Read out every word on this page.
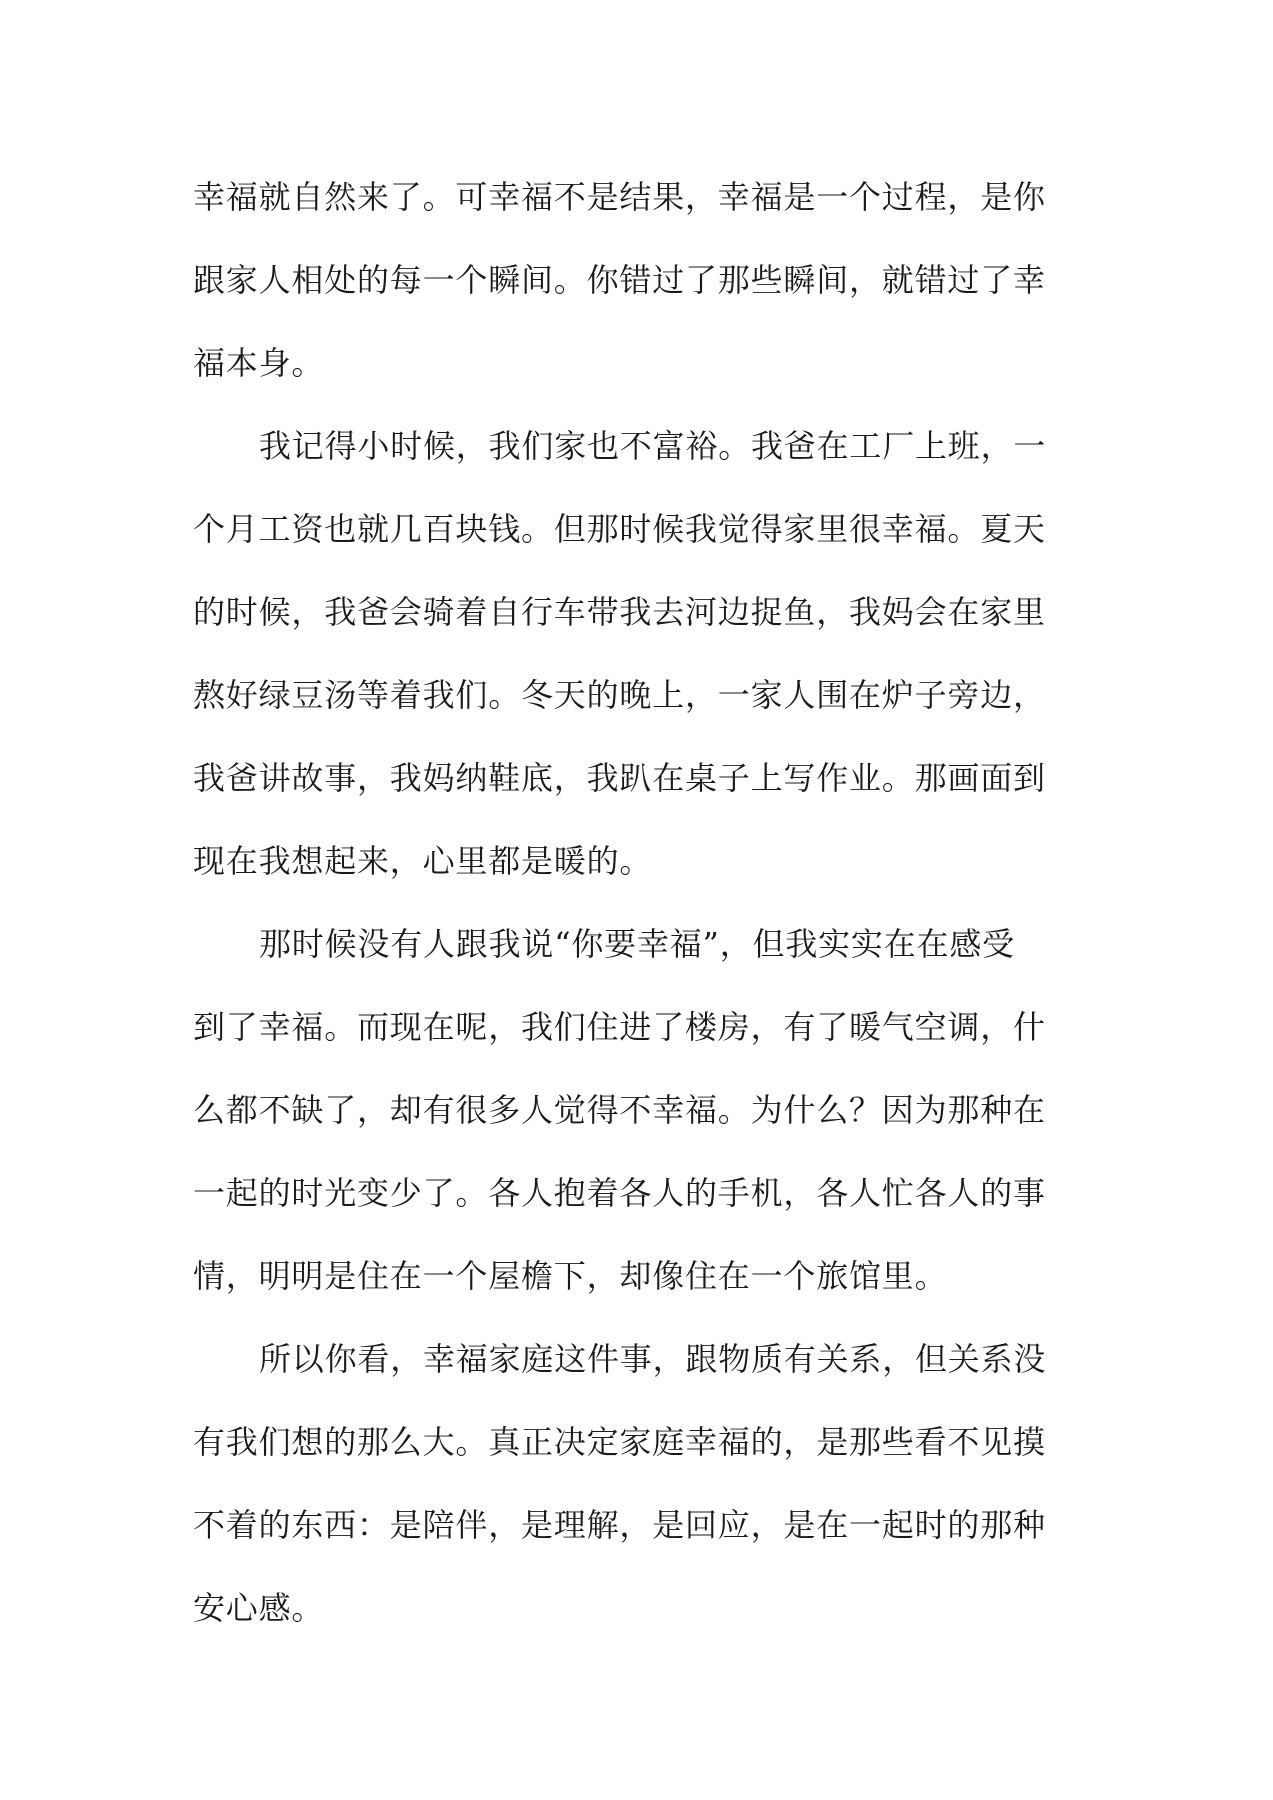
幸福就自然来了。可幸福不是结果，幸福是一个过程，是你
跟家人相处的每一个瞬间。你错过了那些瞬间，就错过了幸
福本身。
我记得小时候，我们家也不富裕。我爸在工厂上班，一
个月工资也就几百块钱。但那时候我觉得家里很幸福。夏天
的时候，我爸会骑着自行车带我去河边捉鱼，我妈会在家里
熬好绿豆汤等着我们。冬天的晚上，一家人围在炉子旁边，
我爸讲故事，我妈纳鞋底，我趴在桌子上写作业。那画面到
现在我想起来，心里都是暖的。
那时候没有人跟我说“你要幸福”，但我实实在在感受
到了幸福。而现在呢，我们住进了楼房，有了暖气空调，什
么都不缺了，却有很多人觉得不幸福。为什么？因为那种在
一起的时光变少了。各人抱着各人的手机，各人忙各人的事
情，明明是住在一个屋檐下，却像住在一个旅馆里。
所以你看，幸福家庭这件事，跟物质有关系，但关系没
有我们想的那么大。真正决定家庭幸福的，是那些看不见摸
不着的东西：是陪伴，是理解，是回应，是在一起时的那种
安心感。
